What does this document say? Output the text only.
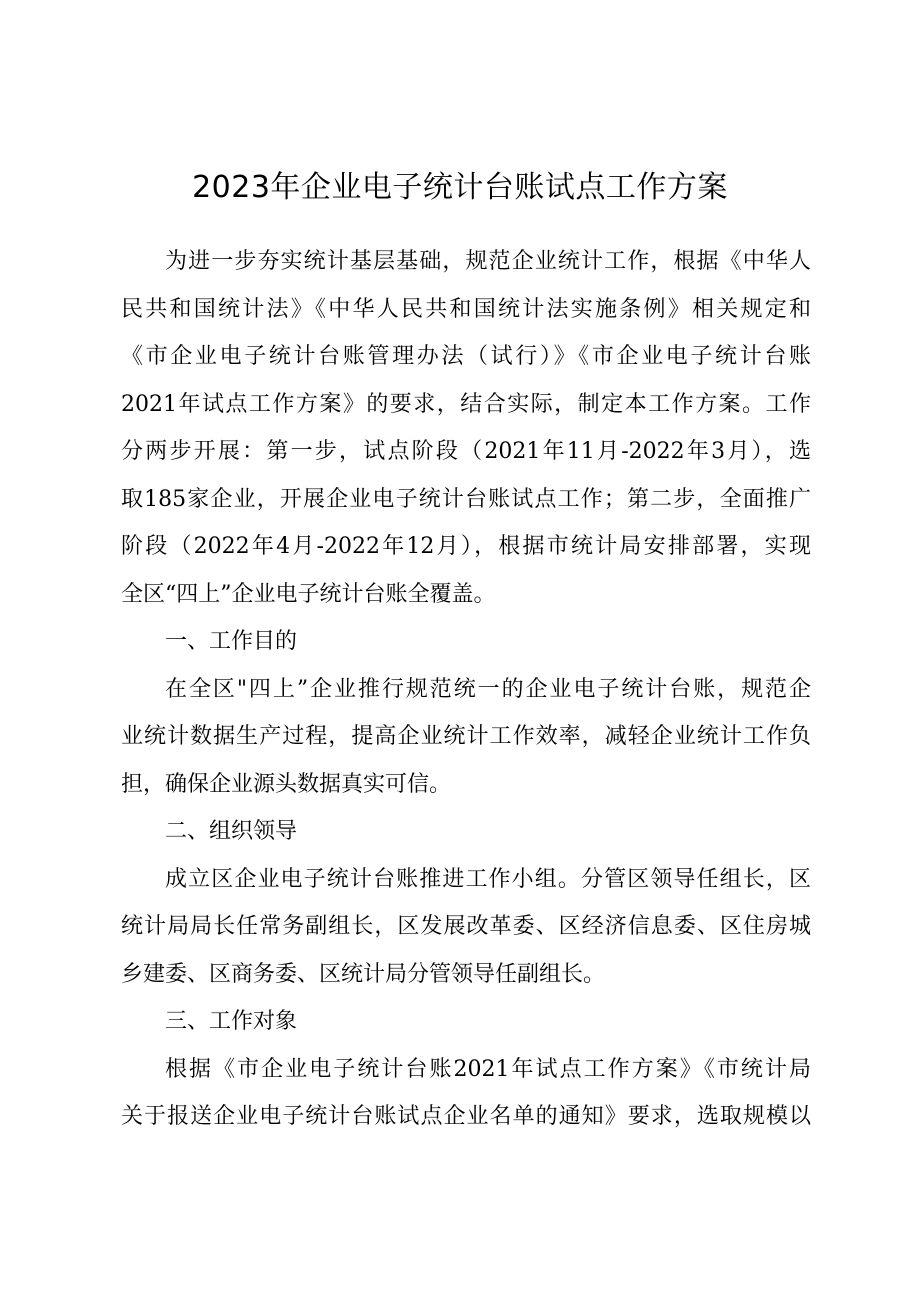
2023年企业电子统计台账试点工作方案
为进一步夯实统计基层基础，规范企业统计工作，根据《中华人
民共和国统计法》《中华人民共和国统计法实施条例》相关规定和
《市企业电子统计台账管理办法（试行）》《市企业电子统计台账
2021年试点工作方案》的要求，结合实际，制定本工作方案。工作
分两步开展：第一步，试点阶段（2021年11月-2022年3月），选
取185家企业，开展企业电子统计台账试点工作；第二步，全面推广
阶段（2022年4月-2022年12月），根据市统计局安排部署，实现
全区“四上”企业电子统计台账全覆盖。
一、工作目的
在全区"四上”企业推行规范统一的企业电子统计台账，规范企
业统计数据生产过程，提高企业统计工作效率，减轻企业统计工作负
担，确保企业源头数据真实可信。
二、组织领导
成立区企业电子统计台账推进工作小组。分管区领导任组长，区
统计局局长任常务副组长，区发展改革委、区经济信息委、区住房城
乡建委、区商务委、区统计局分管领导任副组长。
三、工作对象
根据《市企业电子统计台账2021年试点工作方案》《市统计局
关于报送企业电子统计台账试点企业名单的通知》要求，选取规模以
